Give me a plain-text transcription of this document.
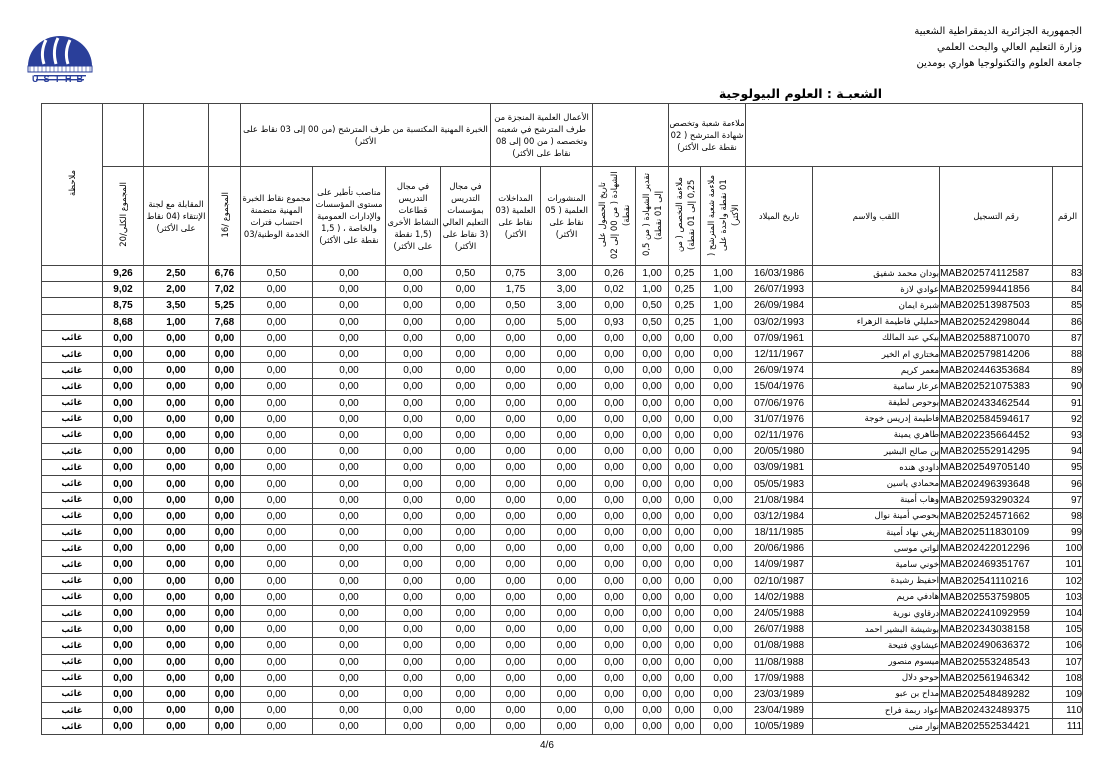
USTHB
الجمهورية الجزائرية الديمقراطية الشعبية
وزارة التعليم العالي والبحث العلمي
جامعة العلوم والتكنولوجيا هواري بومدين
الشعبـة : العلوم البيولوجية
ملاحظة				الخبرة المهنية المكتسبة من طرف المترشح (من 00 إلى 03 نقاط على الأكثر)				الأعمال العلمية المنجزة من طرف المترشح في شعبته وتخصصه ( من 00 إلى 08 نقاط على الأكثر)				ملاءمة شعبة وتخصص شهادة المترشح ( 02 نقطة على الأكثر)					
	المجموع الكلي/20	المقابلة مع لجنة الإنتقاء (04 نقاط على الأكثر)	المجموع /16	مجموع نقاط الخبرة المهنية متضمنة احتساب فترات الخدمة الوطنية/03	مناصب تأطير على مستوى المؤسسات والإدارات العمومية والخاصة ، ( 1,5 نقطة على الأكثر)	في مجال التدريس قطاعات النشاط الأخرى (1,5 نقطة على الأكثر)	في مجال التدريس بمؤسسات التعليم العالي (3 نقاط على الأكثر)	المداخلات العلمية (03 نقاط على الأكثر)	المنشورات العلمية ( 05 نقاط على الأكثر)	تاريخ الحصول على الشهادة ( من 00 إلى 02 نقطة)	تقدير الشهادة ( من 0,5 إلى 01 نقطة)	ملاءمة التخصص ( من 0,25 إلى 01 نقطة)	ملاءمة شعبة المترشح ( 01 نقطة واحدة على الأكثر)	تاريخ الميلاد	اللقب والاسم	رقم التسجيل	الرقم
	9,26	2,50	6,76	0,50	0,00	0,00	0,50	0,75	3,00	0,26	1,00	0,25	1,00	16/03/1986	بودان محمد شفيق	MAB202574112587	83
	9,02	2,00	7,02	0,00	0,00	0,00	0,00	1,75	3,00	0,02	1,00	0,25	1,00	26/07/1993	عوادي لازة	MAB202599441856	84
	8,75	3,50	5,25	0,00	0,00	0,00	0,00	0,50	3,00	0,00	0,50	0,25	1,00	26/09/1984	شبرة ايمان	MAB202513987503	85
	8,68	1,00	7,68	0,00	0,00	0,00	0,00	0,00	5,00	0,93	0,50	0,25	1,00	03/02/1993	حمليلي فاطيمة الزهراء	MAB202524298044	86
غائب	0,00	0,00	0,00	0,00	0,00	0,00	0,00	0,00	0,00	0,00	0,00	0,00	0,00	07/09/1961	بيكي عبد المالك	MAB202588710070	87
غائب	0,00	0,00	0,00	0,00	0,00	0,00	0,00	0,00	0,00	0,00	0,00	0,00	0,00	12/11/1967	مختاري ام الخير	MAB202579814206	88
غائب	0,00	0,00	0,00	0,00	0,00	0,00	0,00	0,00	0,00	0,00	0,00	0,00	0,00	26/09/1974	معمر كريم	MAB202446353684	89
غائب	0,00	0,00	0,00	0,00	0,00	0,00	0,00	0,00	0,00	0,00	0,00	0,00	0,00	15/04/1976	عرعار سامية	MAB202521075383	90
غائب	0,00	0,00	0,00	0,00	0,00	0,00	0,00	0,00	0,00	0,00	0,00	0,00	0,00	07/06/1976	بوحوص لطيفة	MAB202433462544	91
غائب	0,00	0,00	0,00	0,00	0,00	0,00	0,00	0,00	0,00	0,00	0,00	0,00	0,00	31/07/1976	فاطيمة إدريس خوجة	MAB202584594617	92
غائب	0,00	0,00	0,00	0,00	0,00	0,00	0,00	0,00	0,00	0,00	0,00	0,00	0,00	02/11/1976	طاهري يمينة	MAB202235664452	93
غائب	0,00	0,00	0,00	0,00	0,00	0,00	0,00	0,00	0,00	0,00	0,00	0,00	0,00	20/05/1980	بن صالح البشير	MAB202552914295	94
غائب	0,00	0,00	0,00	0,00	0,00	0,00	0,00	0,00	0,00	0,00	0,00	0,00	0,00	03/09/1981	داودي هنده	MAB202549705140	95
غائب	0,00	0,00	0,00	0,00	0,00	0,00	0,00	0,00	0,00	0,00	0,00	0,00	0,00	05/05/1983	محمادي ياسين	MAB202496393648	96
غائب	0,00	0,00	0,00	0,00	0,00	0,00	0,00	0,00	0,00	0,00	0,00	0,00	0,00	21/08/1984	وهاب أمينة	MAB202593290324	97
غائب	0,00	0,00	0,00	0,00	0,00	0,00	0,00	0,00	0,00	0,00	0,00	0,00	0,00	03/12/1984	بحوصي أمينة نوال	MAB202524571662	98
غائب	0,00	0,00	0,00	0,00	0,00	0,00	0,00	0,00	0,00	0,00	0,00	0,00	0,00	18/11/1985	ريغي نهاد أمينة	MAB202511830109	99
غائب	0,00	0,00	0,00	0,00	0,00	0,00	0,00	0,00	0,00	0,00	0,00	0,00	0,00	20/06/1986	لواتي موسى	MAB202422012296	100
غائب	0,00	0,00	0,00	0,00	0,00	0,00	0,00	0,00	0,00	0,00	0,00	0,00	0,00	14/09/1987	خوني سامية	MAB202469351767	101
غائب	0,00	0,00	0,00	0,00	0,00	0,00	0,00	0,00	0,00	0,00	0,00	0,00	0,00	02/10/1987	احفيظ رشيدة	MAB202541110216	102
غائب	0,00	0,00	0,00	0,00	0,00	0,00	0,00	0,00	0,00	0,00	0,00	0,00	0,00	14/02/1988	هادفي مريم	MAB202553759805	103
غائب	0,00	0,00	0,00	0,00	0,00	0,00	0,00	0,00	0,00	0,00	0,00	0,00	0,00	24/05/1988	درقاوي نورية	MAB202241092959	104
غائب	0,00	0,00	0,00	0,00	0,00	0,00	0,00	0,00	0,00	0,00	0,00	0,00	0,00	26/07/1988	بوشيشة البشير احمد	MAB202343038158	105
غائب	0,00	0,00	0,00	0,00	0,00	0,00	0,00	0,00	0,00	0,00	0,00	0,00	0,00	01/08/1988	عيشاوي فتيحة	MAB202490636372	106
غائب	0,00	0,00	0,00	0,00	0,00	0,00	0,00	0,00	0,00	0,00	0,00	0,00	0,00	11/08/1988	ميسوم منصور	MAB202553248543	107
غائب	0,00	0,00	0,00	0,00	0,00	0,00	0,00	0,00	0,00	0,00	0,00	0,00	0,00	17/09/1988	حوحو دلال	MAB202561946342	108
غائب	0,00	0,00	0,00	0,00	0,00	0,00	0,00	0,00	0,00	0,00	0,00	0,00	0,00	23/03/1989	مداح بن عبو	MAB202548489282	109
غائب	0,00	0,00	0,00	0,00	0,00	0,00	0,00	0,00	0,00	0,00	0,00	0,00	0,00	23/04/1989	عواد ربمة فراح	MAB202432489375	110
غائب	0,00	0,00	0,00	0,00	0,00	0,00	0,00	0,00	0,00	0,00	0,00	0,00	0,00	10/05/1989	نوار منى	MAB202552534421	111
4/6
